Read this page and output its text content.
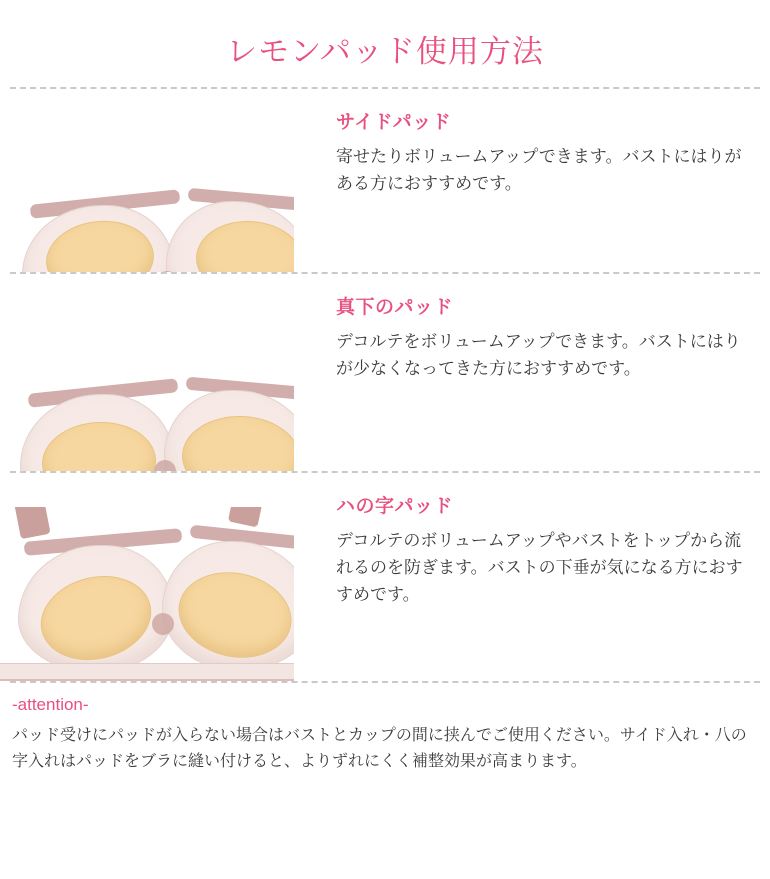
レモンパッド使用方法
サイドパッド

寄せたりボリュームアップできます。バストにはりがある方におすすめです。

真下のパッド

デコルテをボリュームアップできます。バストにはりが少なくなってきた方におすすめです。

ハの字パッド

デコルテのボリュームアップやバストをトップから流れるのを防ぎます。バストの下垂が気になる方におすすめです。

-attention-

パッド受けにパッドが入らない場合はバストとカップの間に挟んでご使用ください。サイド入れ・八の字入れはパッドをブラに縫い付けると、よりずれにくく補整効果が高まります。
